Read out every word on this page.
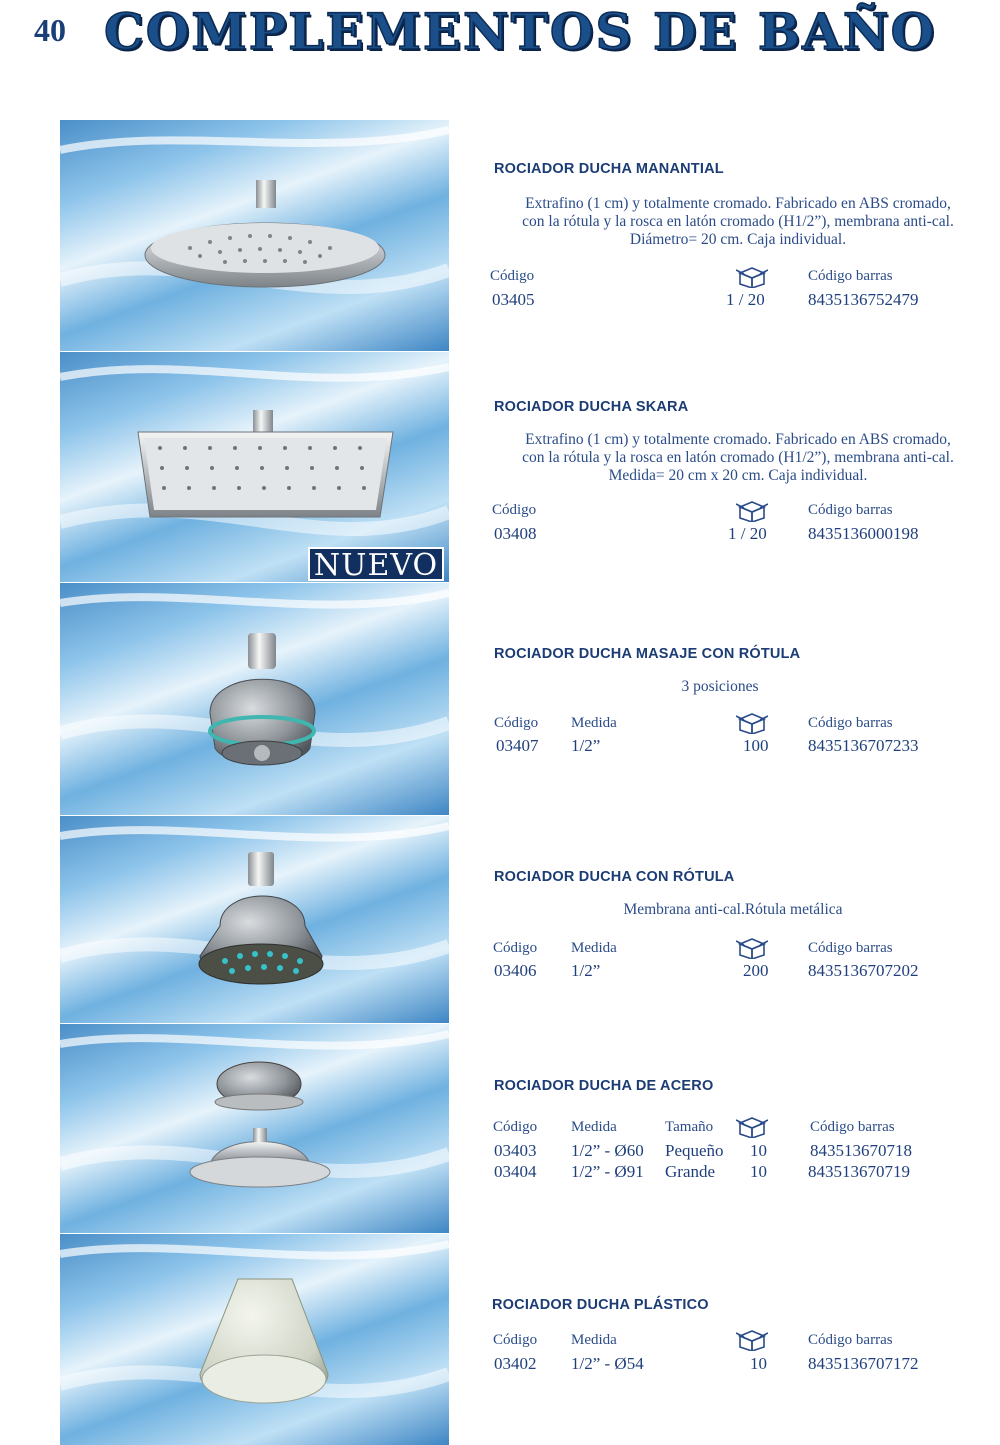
40 COMPLEMENTOS DE BAÑO
NUEVO
ROCIADOR DUCHA MANANTIAL
Extrafino (1 cm) y totalmente cromado. Fabricado en ABS cromado,
con la rótula y la rosca en latón cromado (H1/2”), membrana anti-cal.
Diámetro= 20 cm. Caja individual.
Código	Código barras
03405	1 / 20	8435136752479
ROCIADOR DUCHA SKARA
Extrafino (1 cm) y totalmente cromado. Fabricado en ABS cromado,
con la rótula y la rosca en latón cromado (H1/2”), membrana anti-cal.
Medida= 20 cm x 20 cm. Caja individual.
Código	Código barras
03408	1 / 20 8435136000198
ROCIADOR DUCHA MASAJE CON RÓTULA
3 posiciones
Código Medida	Código barras
03407 1/2”	100 8435136707233
ROCIADOR DUCHA CON RÓTULA
Membrana anti-cal.Rótula metálica
Código Medida	Código barras
03406 1/2”	200 8435136707202
ROCIADOR DUCHA DE ACERO
Código Medida	Tamaño	Código barras
03403 1/2” - Ø60 Pequeño 10	843513670718
03404 1/2” - Ø91 Grande 10 843513670719
ROCIADOR DUCHA PLÁSTICO
Código Medida	Código barras
03402 1/2” - Ø54	10 8435136707172
